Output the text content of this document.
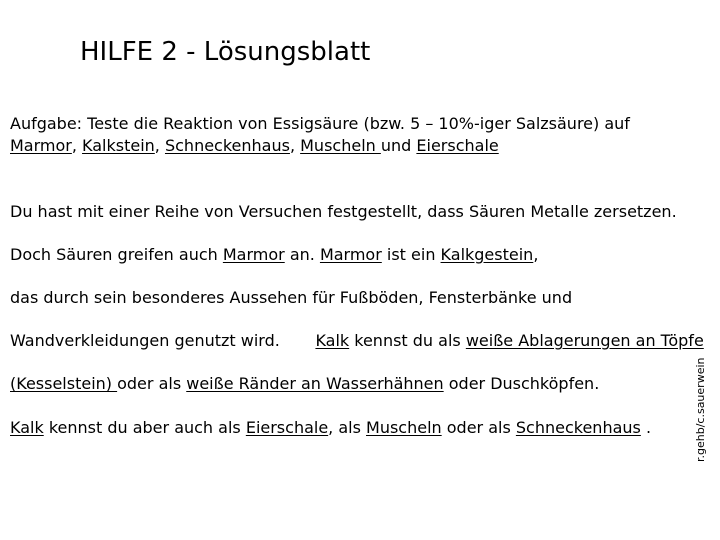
HILFE 2 - Lösungsblatt
Aufgabe: Teste die Reaktion von Essigsäure (bzw. 5 – 10%-iger Salzsäure) auf
Marmor, Kalkstein, Schneckenhaus, Muscheln und Eierschale
Du hast mit einer Reihe von Versuchen festgestellt, dass Säuren Metalle zersetzen.
Doch Säuren greifen auch Marmor an. Marmor ist ein Kalkgestein,
das durch sein besonderes Aussehen für Fußböden, Fensterbänke und
Wandverkleidungen genutzt wird.       Kalk kennst du als weiße Ablagerungen an Töpfe
(Kesselstein) oder als weiße Ränder an Wasserhähnen oder Duschköpfen.
Kalk kennst du aber auch als Eierschale, als Muscheln oder als Schneckenhaus .	r.gehb/c.sauerwein
